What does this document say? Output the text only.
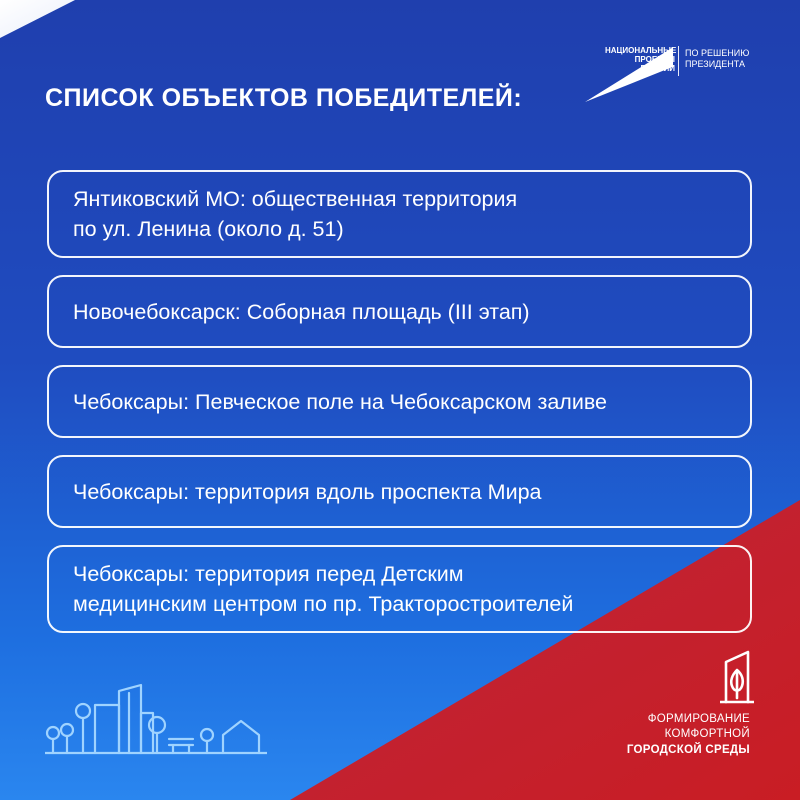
НАЦИОНАЛЬНЫЕ
ПРОЕКТЫ
РОССИИ
ПО РЕШЕНИЮ
ПРЕЗИДЕНТА
СПИСОК ОБЪЕКТОВ ПОБЕДИТЕЛЕЙ:
Янтиковский МО: общественная территория
по ул. Ленина (около д. 51)
Новочебоксарск: Соборная площадь (III этап)
Чебоксары: Певческое поле на Чебоксарском заливе
Чебоксары: территория вдоль проспекта Мира
Чебоксары: территория перед Детским
медицинским центром по пр. Тракторостроителей
ФОРМИРОВАНИЕ
КОМФОРТНОЙ
ГОРОДСКОЙ СРЕДЫ
